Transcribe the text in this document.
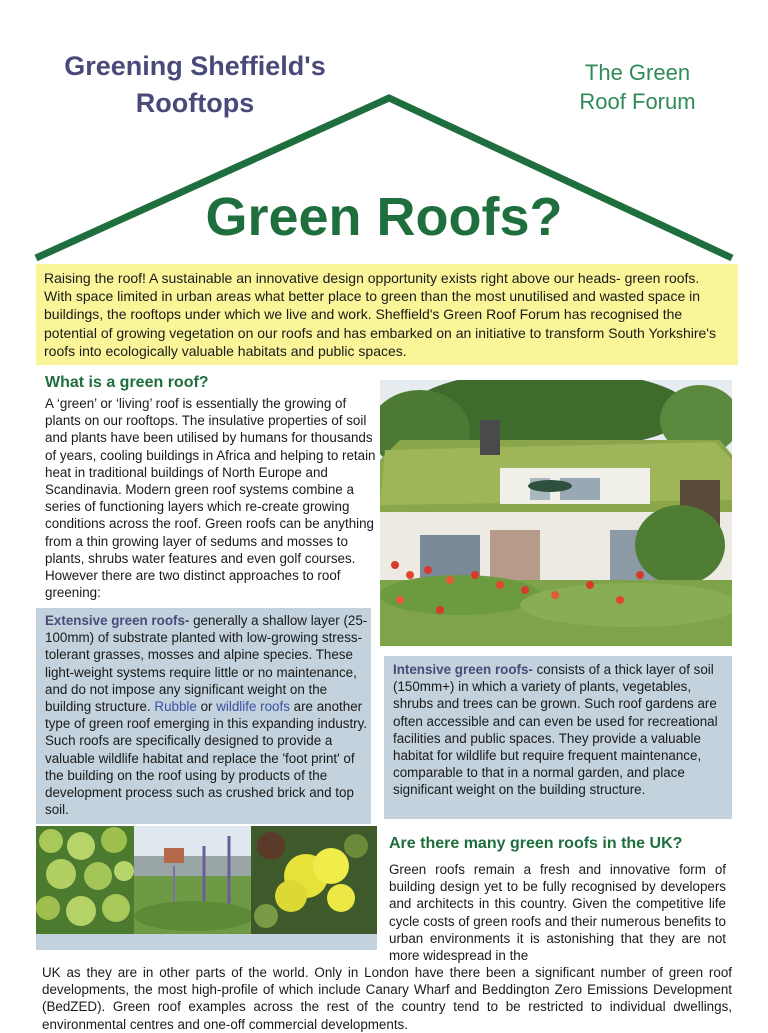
Greening Sheffield's Rooftops
The Green Roof Forum
Green Roofs?
Raising the roof! A sustainable an innovative design opportunity exists right above our heads- green roofs. With space limited in urban areas what better place to green than the most unutilised and wasted space in buildings, the rooftops under which we live and work. Sheffield's Green Roof Forum has recognised the potential of growing vegetation on our roofs and has embarked on an initiative to transform South Yorkshire's roofs into ecologically valuable habitats and public spaces.
What is a green roof?
A ‘green’ or ‘living’ roof is essentially the growing of plants on our rooftops. The insulative properties of soil and plants have been utilised by humans for thousands of years, cooling buildings in Africa and helping to retain heat in traditional buildings of North Europe and Scandinavia. Modern green roof systems combine a series of functioning layers which re-create growing conditions across the roof. Green roofs can be anything from a thin growing layer of sedums and mosses to plants, shrubs water features and even golf courses. However there are two distinct approaches to roof greening:
Extensive green roofs- generally a shallow layer (25-100mm) of substrate planted with low-growing stress-tolerant grasses, mosses and alpine species. These light-weight systems require little or no maintenance, and do not impose any significant weight on the building structure. Rubble or wildlife roofs are another type of green roof emerging in this expanding industry. Such roofs are specifically designed to provide a valuable wildlife habitat and replace the 'foot print' of the building on the roof using by products of the development process such as crushed brick and top soil.
Intensive green roofs- consists of a thick layer of soil (150mm+) in which a variety of plants, vegetables, shrubs and trees can be grown. Such roof gardens are often accessible and can even be used for recreational facilities and public spaces. They provide a valuable habitat for wildlife but require frequent maintenance, comparable to that in a normal garden, and place significant weight on the building structure.
Are there many green roofs in the UK?
Green roofs remain a fresh and innovative form of building design yet to be fully recognised by developers and architects in this country. Given the competitive life cycle costs of green roofs and their numerous benefits to urban environments it is astonishing that they are not more widespread in the
UK as they are in other parts of the world. Only in London have there been a significant number of green roof developments, the most high-profile of which include Canary Wharf and Beddington Zero Emissions Development (BedZED). Green roof examples across the rest of the country tend to be restricted to individual dwellings, environmental centres and one-off commercial developments.
